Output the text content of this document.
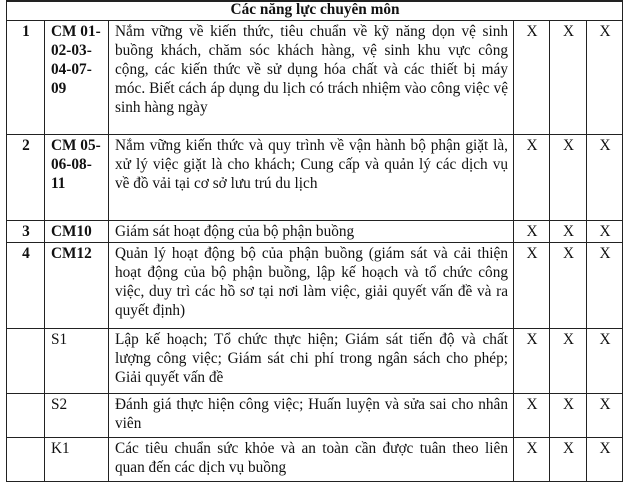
Các năng lực chuyên môn					
1	CM 01-02-03-04-07-09	Nắm vững về kiến thức, tiêu chuẩn về kỹ năng dọn vệ sinh buồng khách, chăm sóc khách hàng, vệ sinh khu vực công cộng, các kiến thức về sử dụng hóa chất và các thiết bị máy móc. Biết cách áp dụng du lịch có trách nhiệm vào công việc vệ sinh hàng ngày	X	X	X
2	CM 05-06-08-11	Nắm vững kiến thức và quy trình về vận hành bộ phận giặt là, xử lý việc giặt là cho khách; Cung cấp và quản lý các dịch vụ về đồ vải tại cơ sở lưu trú du lịch	X	X	X
3	CM10	Giám sát hoạt động của bộ phận buồng	X	X	X
4	CM12	Quản lý hoạt động bộ của phận buồng (giám sát và cải thiện hoạt động của bộ phận buồng, lập kế hoạch và tổ chức công việc, duy trì các hồ sơ tại nơi làm việc, giải quyết vấn đề và ra quyết định)	X	X	X
	S1	Lập kế hoạch; Tổ chức thực hiện; Giám sát tiến độ và chất lượng công việc; Giám sát chi phí trong ngân sách cho phép; Giải quyết vấn đề	X	X	X
	S2	Đánh giá thực hiện công việc; Huấn luyện và sửa sai cho nhân viên	X	X	X
	K1	Các tiêu chuẩn sức khỏe và an toàn cần được tuân theo liên quan đến các dịch vụ buồng	X	X	X
